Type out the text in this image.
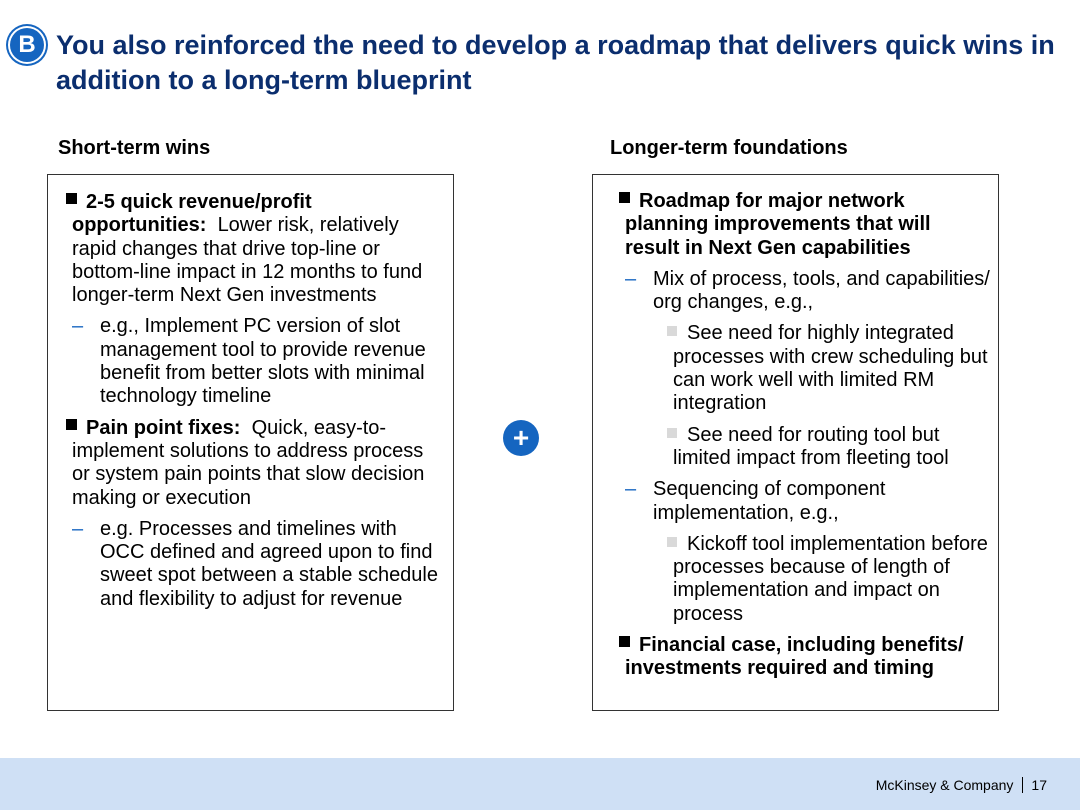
B You also reinforced the need to develop a roadmap that delivers quick wins in addition to a long-term blueprint
Short-term wins	Longer-term foundations
2-5 quick revenue/profit opportunities: Lower risk, relatively rapid changes that drive top-line or bottom-line impact in 12 months to fund longer-term Next Gen investments
– e.g., Implement PC version of slot management tool to provide revenue benefit from better slots with minimal technology timeline
Pain point fixes: Quick, easy-to-implement solutions to address process or system pain points that slow decision making or execution
– e.g. Processes and timelines with OCC defined and agreed upon to find sweet spot between a stable schedule and flexibility to adjust for revenue
+
Roadmap for major network planning improvements that will result in Next Gen capabilities
– Mix of process, tools, and capabilities/ org changes, e.g.,
See need for highly integrated processes with crew scheduling but can work well with limited RM integration
See need for routing tool but limited impact from fleeting tool
– Sequencing of component implementation, e.g.,
Kickoff tool implementation before processes because of length of implementation and impact on process
Financial case, including benefits/ investments required and timing
McKinsey & Company 17
